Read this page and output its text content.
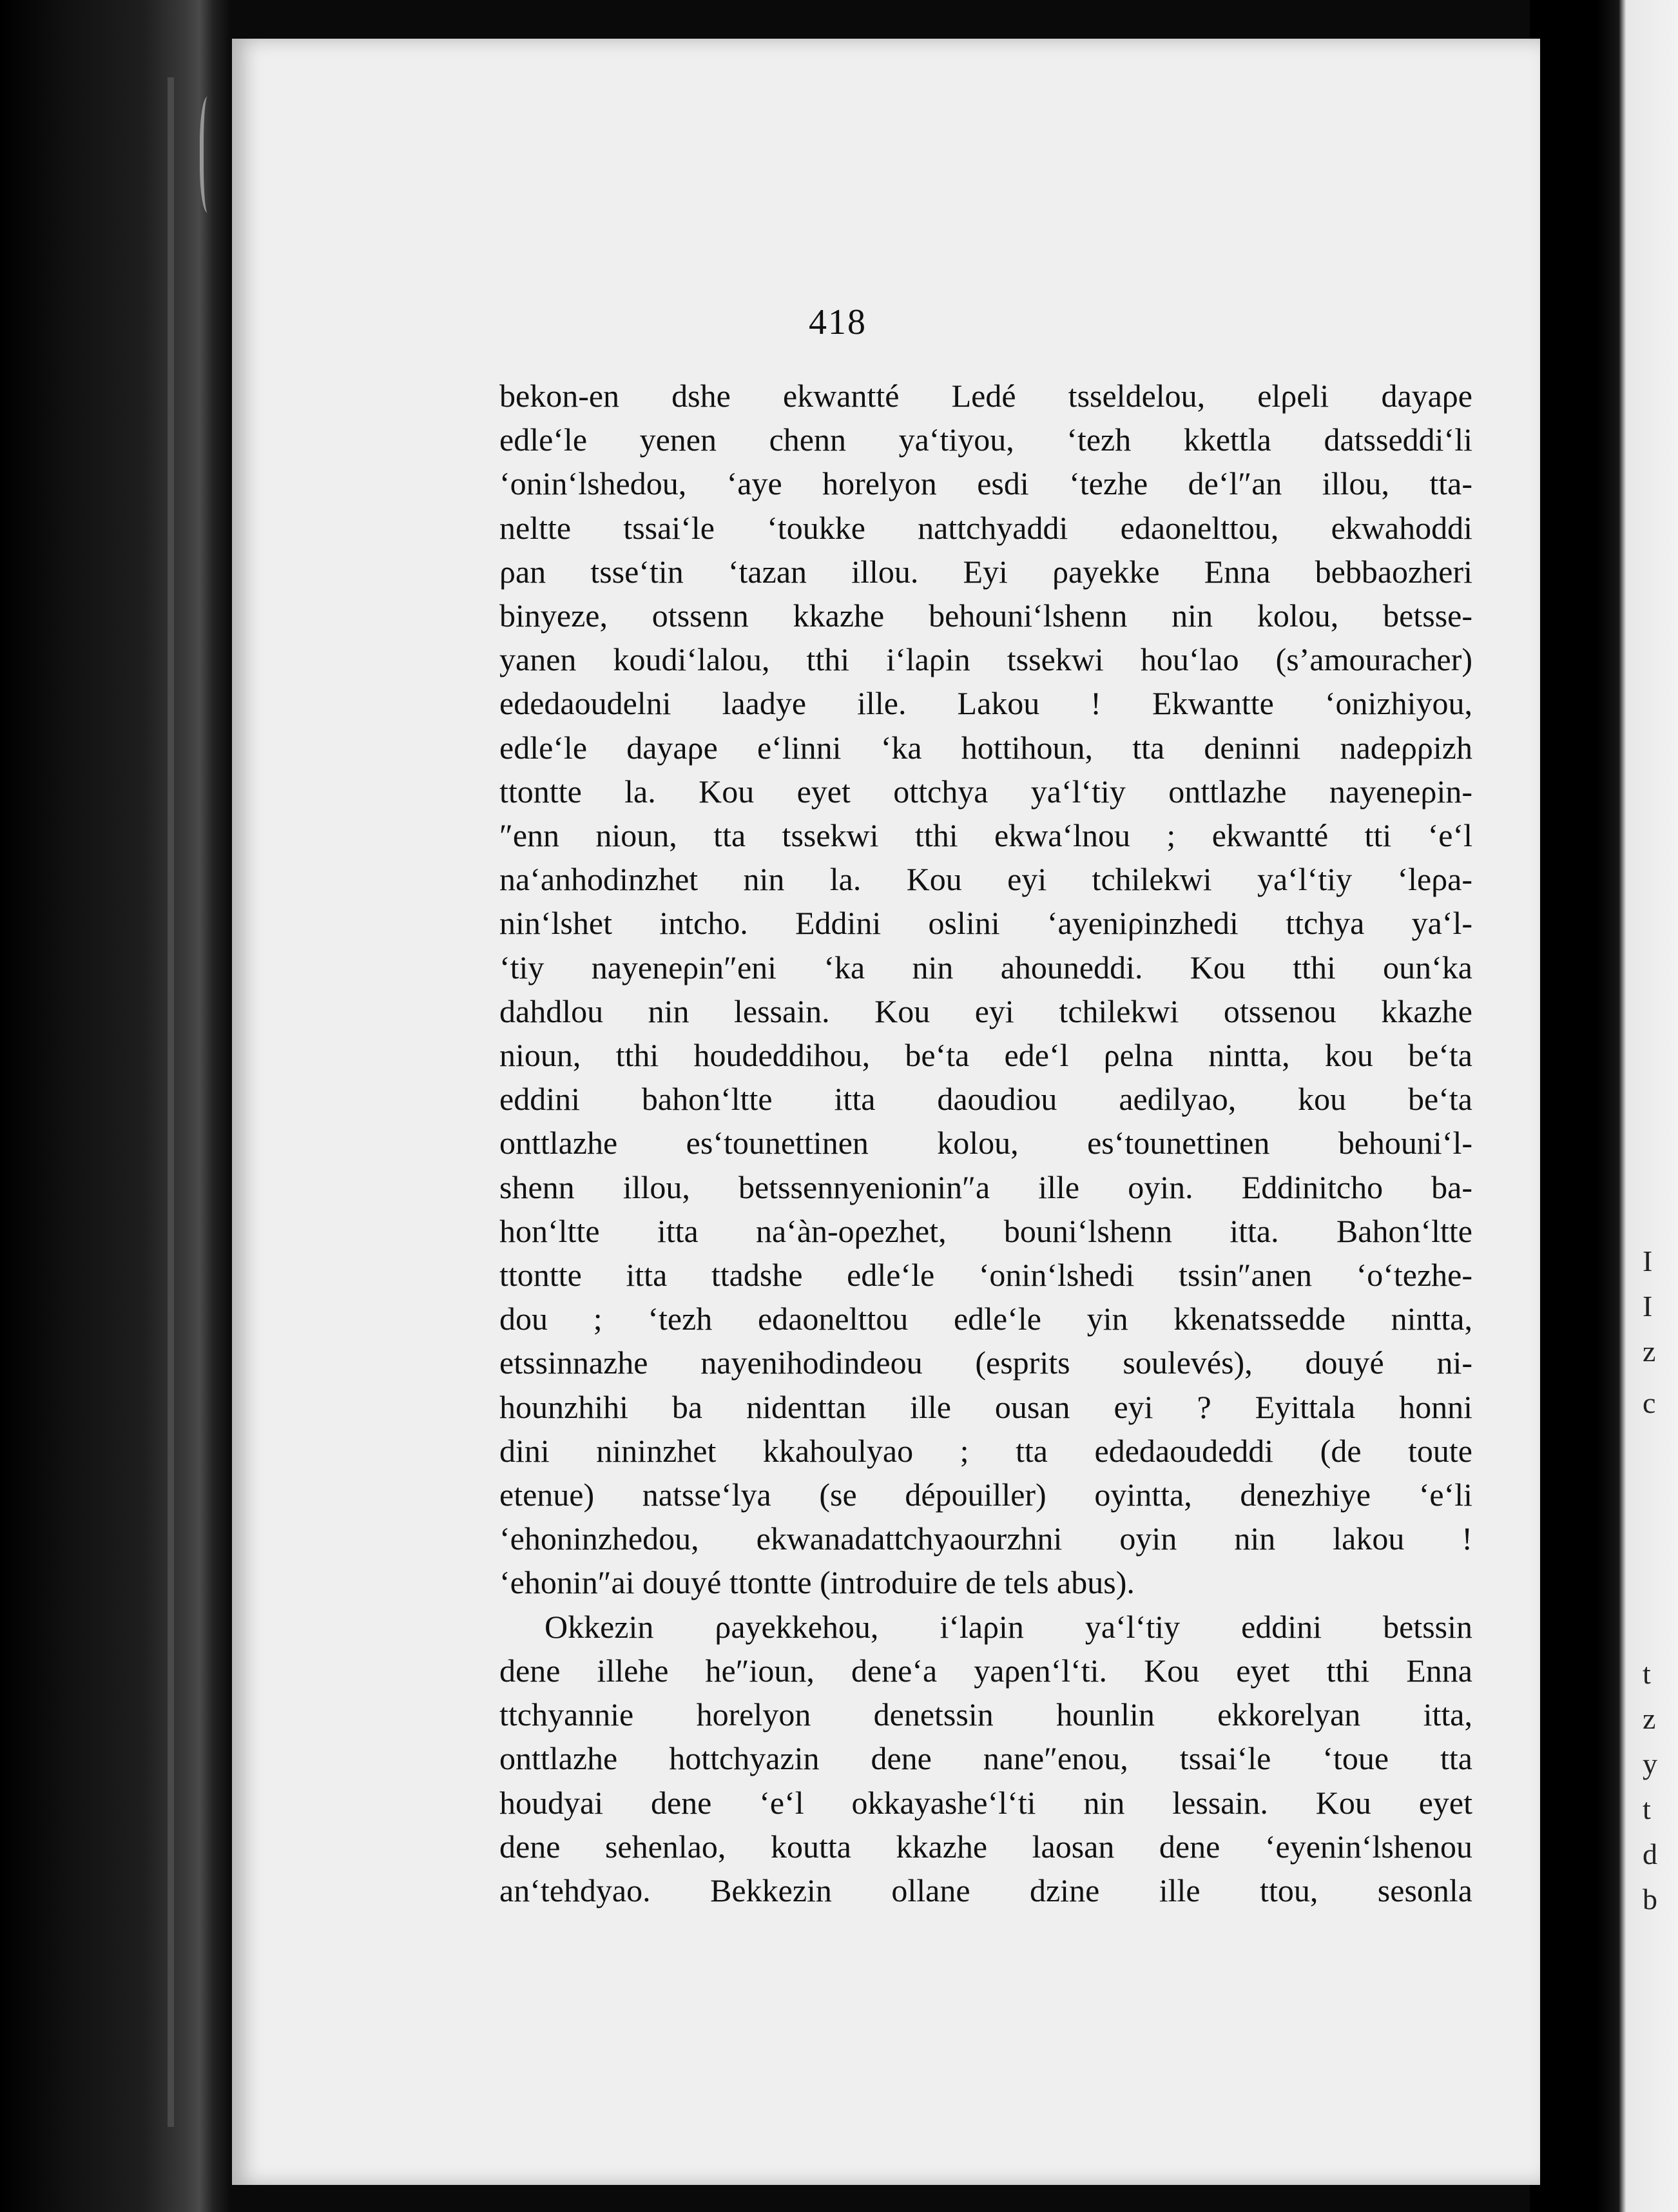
I
I
z
c
t
z
y
t
d
b
418
bekon-en dshe ekwantté Ledé tsseldelou, elρeli dayaρe
edle‘le yenen chenn ya‘tiyou, ‘tezh kkettla datsseddi‘li
‘onin‘lshedou, ‘aye horelyon esdi ‘tezhe de‘l″an illou, tta-
neltte tssai‘le ‘toukke nattchyaddi edaonelttou, ekwahoddi
ρan tsse‘tin ‘tazan illou. Eyi ρayekke Enna bebbaozheri
binyeze, otssenn kkazhe behouni‘lshenn nin kolou, betsse-
yanen koudi‘lalou, tthi i‘laρin tssekwi hou‘lao (s’amouracher)
ededaoudelni laadye ille. Lakou ! Ekwantte ‘onizhiyou,
edle‘le dayaρe e‘linni ‘ka hottihoun, tta deninni nadeρρizh
ttontte la. Kou eyet ottchya ya‘l‘tiy onttlazhe nayeneρin-
″enn nioun, tta tssekwi tthi ekwa‘lnou ; ekwantté tti ‘e‘l
na‘anhodinzhet nin la. Kou eyi tchilekwi ya‘l‘tiy ‘leρa-
nin‘lshet intcho. Eddini oslini ‘ayeniρinzhedi ttchya ya‘l-
‘tiy nayeneρin″eni ‘ka nin ahouneddi. Kou tthi oun‘ka
dahdlou nin lessain. Kou eyi tchilekwi otssenou kkazhe
nioun, tthi houdeddihou, be‘ta ede‘l ρelna nintta, kou be‘ta
eddini bahon‘ltte itta daoudiou aedilyao, kou be‘ta
onttlazhe es‘tounettinen kolou, es‘tounettinen behouni‘l-
shenn illou, betssennyenionin″a ille oyin. Eddinitcho ba-
hon‘ltte itta na‘àn-oρezhet, bouni‘lshenn itta. Bahon‘ltte
ttontte itta ttadshe edle‘le ‘onin‘lshedi tssin″anen ‘o‘tezhe-
dou ; ‘tezh edaonelttou edle‘le yin kkenatssedde nintta,
etssinnazhe nayenihodindeou (esprits soulevés), douyé ni-
hounzhihi ba nidenttan ille ousan eyi ? Eyittala honni
dini nininzhet kkahoulyao ; tta ededaoudeddi (de toute
etenue) natsse‘lya (se dépouiller) oyintta, denezhiye ‘e‘li
‘ehoninzhedou, ekwanadattchyaourzhni oyin nin lakou !
‘ehonin″ai douyé ttontte (introduire de tels abus).
Okkezin ρayekkehou, i‘laρin ya‘l‘tiy eddini betssin
dene illehe he″ioun, dene‘a yaρen‘l‘ti. Kou eyet tthi Enna
ttchyannie horelyon denetssin hounlin ekkorelyan itta,
onttlazhe hottchyazin dene nane″enou, tssai‘le ‘toue tta
houdyai dene ‘e‘l okkayashe‘l‘ti nin lessain. Kou eyet
dene sehenlao, koutta kkazhe laosan dene ‘eyenin‘lshenou
an‘tehdyao. Bekkezin ollane dzine ille ttou, sesonla
